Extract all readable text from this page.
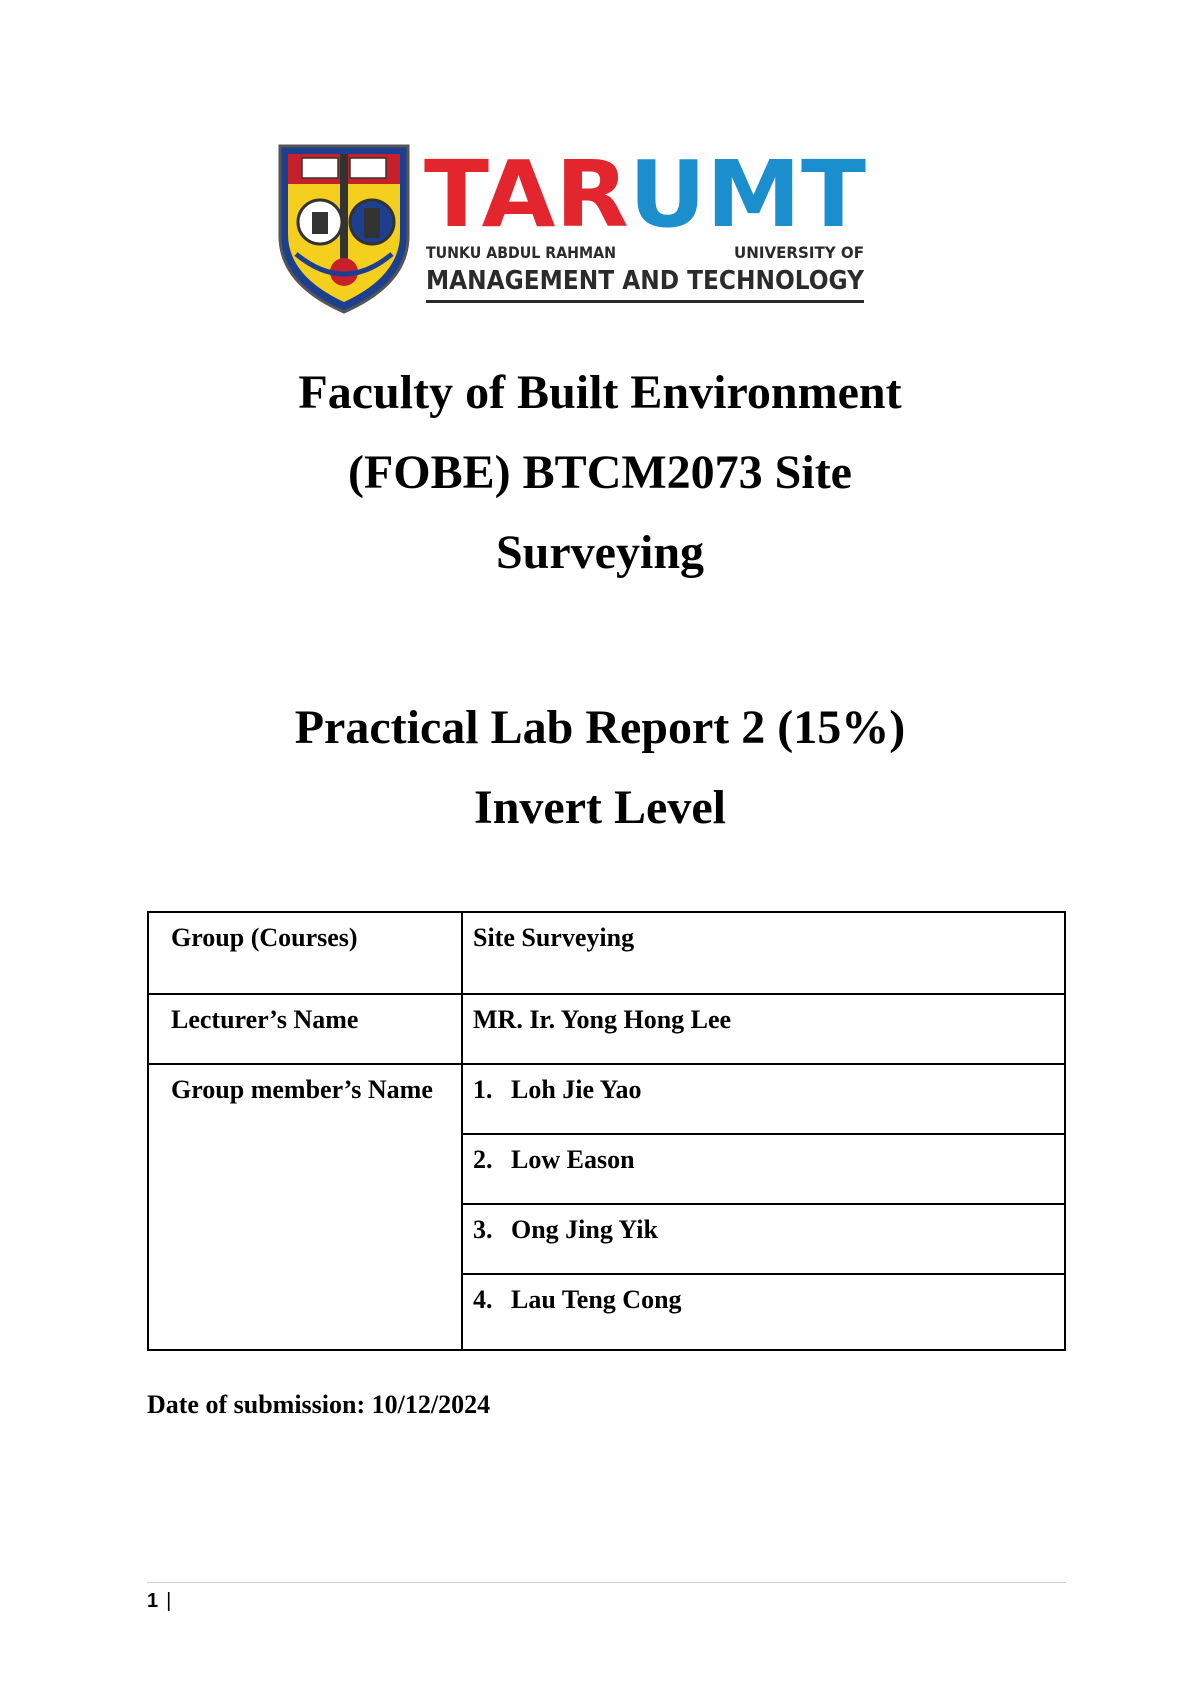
TARUMT
TUNKU ABDUL RAHMAN	UNIVERSITY OF
MANAGEMENT AND TECHNOLOGY
Faculty of Built Environment
(FOBE) BTCM2073 Site
Surveying
Practical Lab Report 2 (15%)
Invert Level
Group (Courses)	Site Surveying
Lecturer’s Name	MR. Ir. Yong Hong Lee
Group member’s Name	1. Loh Jie Yao
	2. Low Eason
	3. Ong Jing Yik
	4. Lau Teng Cong
Date of submission: 10/12/2024
1 |
